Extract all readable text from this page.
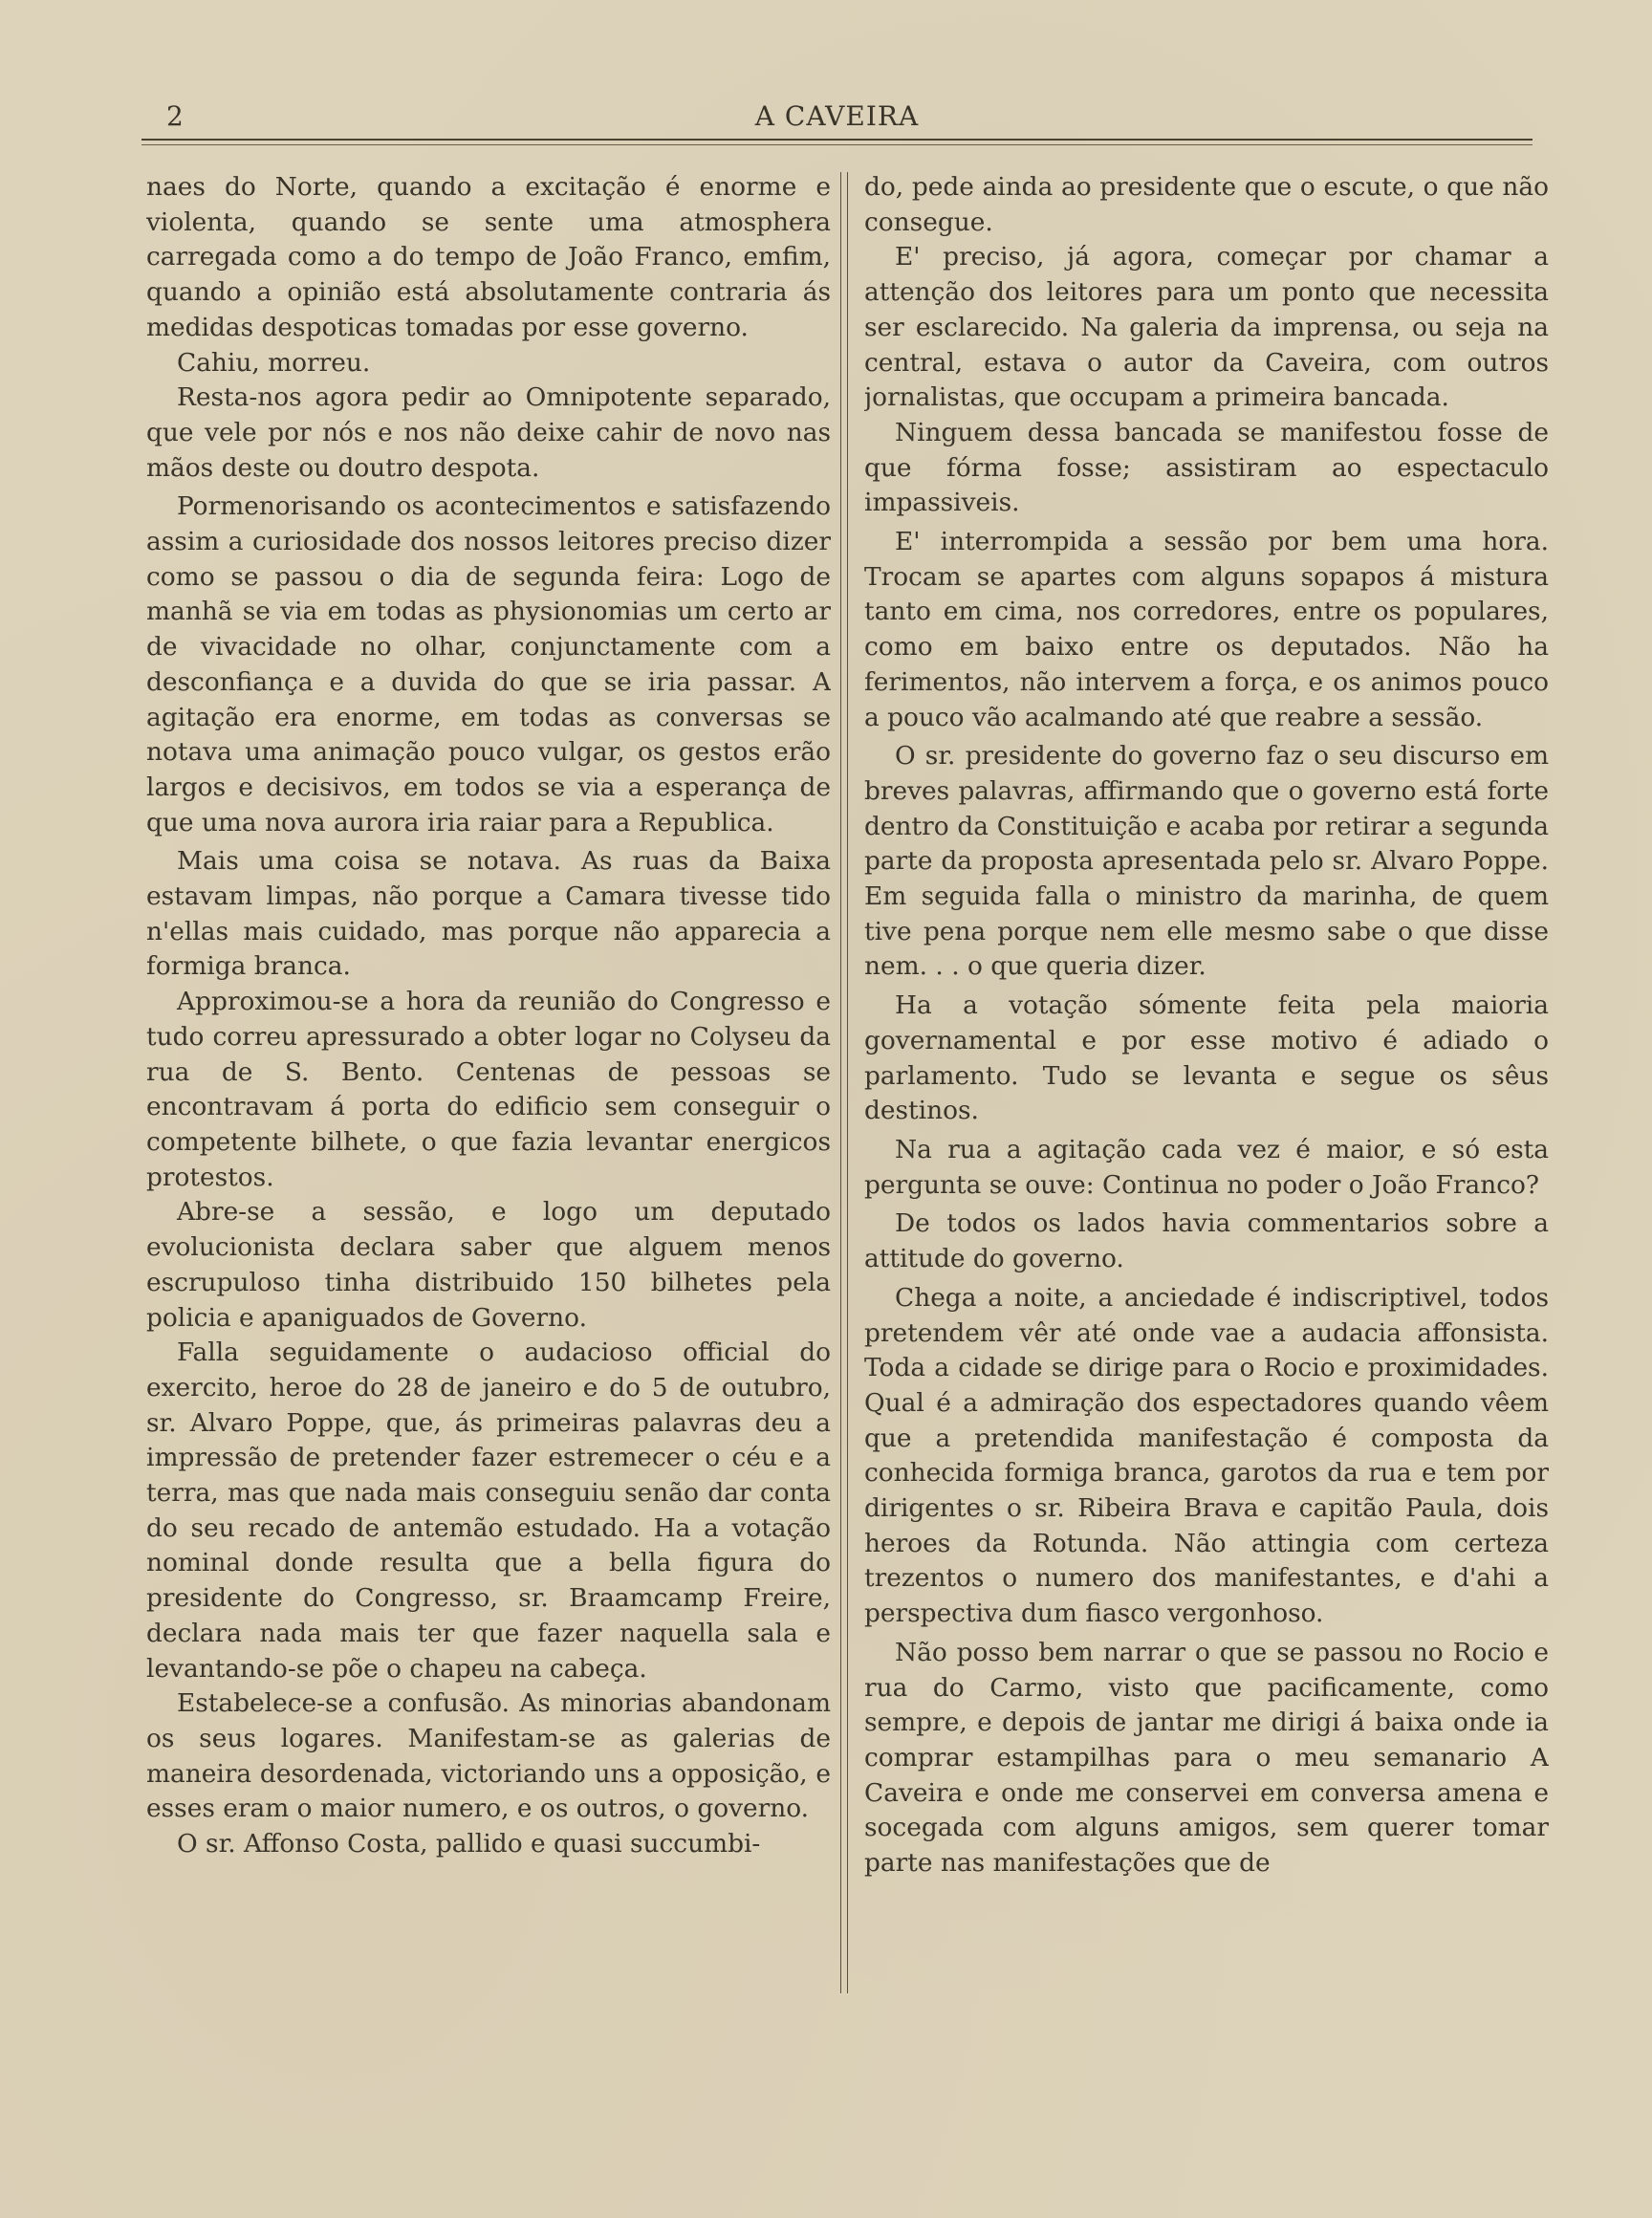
2	A CAVEIRA

naes do Norte, quando a excitação é enorme e violenta, quando se sente uma atmosphera carregada como a do tempo de João Franco, emfim, quando a opinião está absolutamente contraria ás medidas despoticas tomadas por esse governo.

Cahiu, morreu.

Resta-nos agora pedir ao Omnipotente separado, que vele por nós e nos não deixe cahir de novo nas mãos deste ou doutro despota.

Pormenorisando os acontecimentos e satisfazendo assim a curiosidade dos nossos leitores preciso dizer como se passou o dia de segunda feira: Logo de manhã se via em todas as physionomias um certo ar de vivacidade no olhar, conjunctamente com a desconfiança e a duvida do que se iria passar. A agitação era enorme, em todas as conversas se notava uma animação pouco vulgar, os gestos erão largos e decisivos, em todos se via a esperança de que uma nova aurora iria raiar para a Republica.

Mais uma coisa se notava. As ruas da Baixa estavam limpas, não porque a Camara tivesse tido n'ellas mais cuidado, mas porque não apparecia a formiga branca.

Approximou-se a hora da reunião do Congresso e tudo correu apressurado a obter logar no Colyseu da rua de S. Bento. Centenas de pessoas se encontravam á porta do edificio sem conseguir o competente bilhete, o que fazia levantar energicos protestos.

Abre-se a sessão, e logo um deputado evolucionista declara saber que alguem menos escrupuloso tinha distribuido 150 bilhetes pela policia e apaniguados de Governo.

Falla seguidamente o audacioso official do exercito, heroe do 28 de janeiro e do 5 de outubro, sr. Alvaro Poppe, que, ás primeiras palavras deu a impressão de pretender fazer estremecer o céu e a terra, mas que nada mais conseguiu senão dar conta do seu recado de antemão estudado. Ha a votação nominal donde resulta que a bella figura do presidente do Congresso, sr. Braamcamp Freire, declara nada mais ter que fazer naquella sala e levantando-se põe o chapeu na cabeça.

Estabelece-se a confusão. As minorias abandonam os seus logares. Manifestam-se as galerias de maneira desordenada, victoriando uns a opposição, e esses eram o maior numero, e os outros, o governo.

O sr. Affonso Costa, pallido e quasi succumbi-

do, pede ainda ao presidente que o escute, o que não consegue.

E' preciso, já agora, começar por chamar a attenção dos leitores para um ponto que necessita ser esclarecido. Na galeria da imprensa, ou seja na central, estava o autor da Caveira, com outros jornalistas, que occupam a primeira bancada.

Ninguem dessa bancada se manifestou fosse de que fórma fosse; assistiram ao espectaculo impassiveis.

E' interrompida a sessão por bem uma hora. Trocam se apartes com alguns sopapos á mistura tanto em cima, nos corredores, entre os populares, como em baixo entre os deputados. Não ha ferimentos, não intervem a força, e os animos pouco a pouco vão acalmando até que reabre a sessão.

O sr. presidente do governo faz o seu discurso em breves palavras, affirmando que o governo está forte dentro da Constituição e acaba por retirar a segunda parte da proposta apresentada pelo sr. Alvaro Poppe. Em seguida falla o ministro da marinha, de quem tive pena porque nem elle mesmo sabe o que disse nem. . . o que queria dizer.

Ha a votação sómente feita pela maioria governamental e por esse motivo é adiado o parlamento. Tudo se levanta e segue os sêus destinos.

Na rua a agitação cada vez é maior, e só esta pergunta se ouve: Continua no poder o João Franco?

De todos os lados havia commentarios sobre a attitude do governo.

Chega a noite, a anciedade é indiscriptivel, todos pretendem vêr até onde vae a audacia affonsista. Toda a cidade se dirige para o Rocio e proximidades. Qual é a admiração dos espectadores quando vêem que a pretendida manifestação é composta da conhecida formiga branca, garotos da rua e tem por dirigentes o sr. Ribeira Brava e capitão Paula, dois heroes da Rotunda. Não attingia com certeza trezentos o numero dos manifestantes, e d'ahi a perspectiva dum fiasco vergonhoso.

Não posso bem narrar o que se passou no Rocio e rua do Carmo, visto que pacificamente, como sempre, e depois de jantar me dirigi á baixa onde ia comprar estampilhas para o meu semanario A Caveira e onde me conservei em conversa amena e socegada com alguns amigos, sem querer tomar parte nas manifestações que de
